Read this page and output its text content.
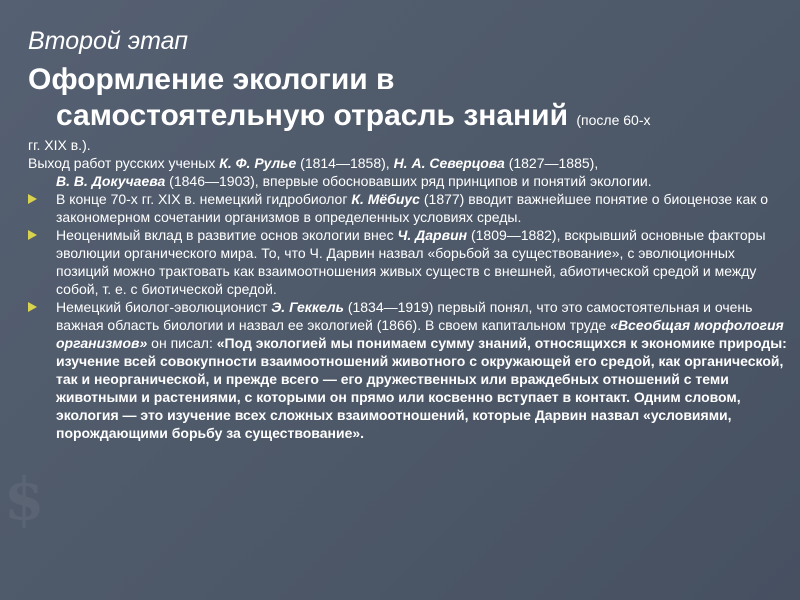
$
Второй этап
Оформление экологии в
самостоятельную отрасль знаний (после 60-х
гг. XIX в.).

Выход работ русских ученых К. Ф. Рулье (1814—1858), Н. А. Северцова (1827—1885),
В. В. Докучаева (1846—1903), впервые обосновавших ряд принципов и понятий экологии.

В конце 70-х гг. XIX в. немецкий гидробиолог К. Мёбиус (1877) вводит важнейшее понятие о биоценозе как о закономерном сочетании организмов в определенных условиях среды.

Неоценимый вклад в развитие основ экологии внес Ч. Дарвин (1809—1882), вскрывший основные факторы эволюции органического мира. То, что Ч. Дарвин назвал «борьбой за существование», с эволюционных позиций можно трактовать как взаимоотношения живых существ с внешней, абиотической средой и между собой, т. е. с биотической средой.

Немецкий биолог-эволюционист Э. Геккель (1834—1919) первый понял, что это самостоятельная и очень важная область биологии и назвал ее экологией (1866). В своем капитальном труде «Всеобщая морфология организмов» он писал: «Под экологией мы понимаем сумму знаний, относящихся к экономике природы: изучение всей совокупности взаимоотношений животного с окружающей его средой, как органической, так и неорганической, и прежде всего — его дружественных или враждебных отношений с теми животными и растениями, с которыми он прямо или косвенно вступает в контакт. Одним словом, экология — это изучение всех сложных взаимоотношений, которые Дарвин назвал «условиями, порождающими борьбу за существование».
